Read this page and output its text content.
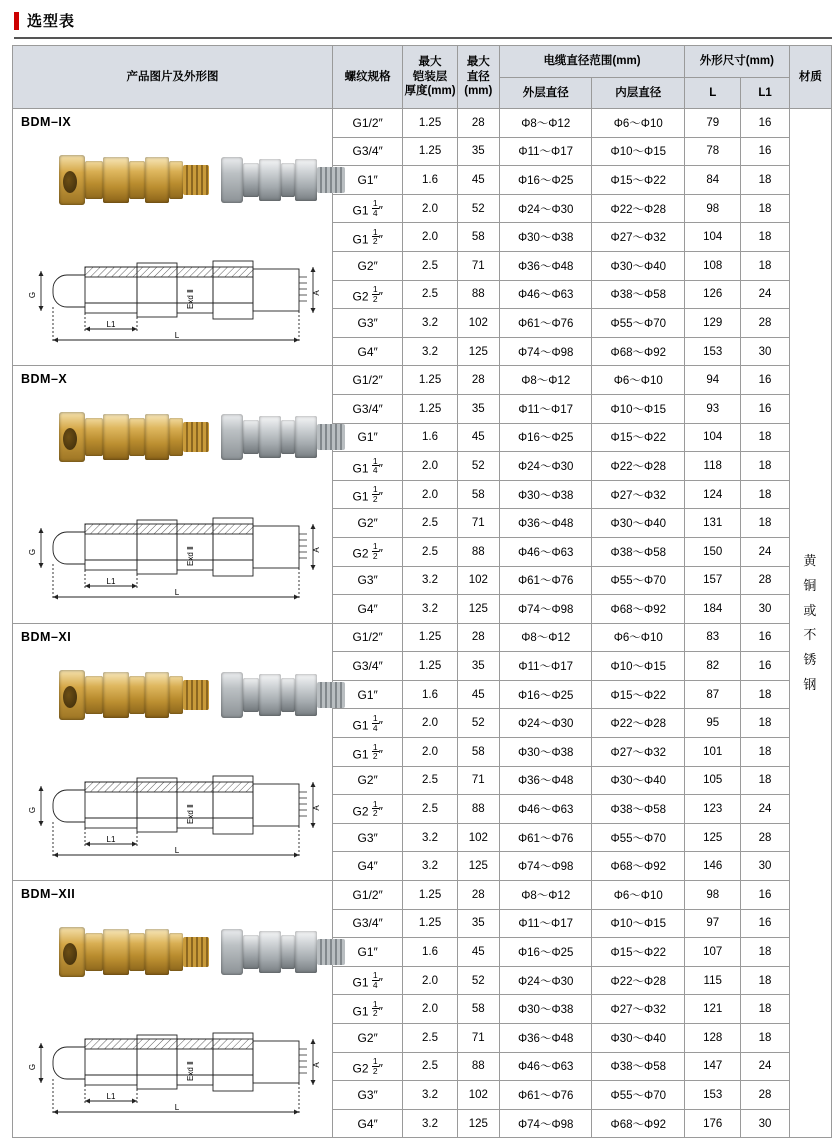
选型表
产品图片及外形图	螺纹规格	
最大
铠装层
厚度(mm)

最大
直径
(mm)
	电缆直径范围(mm)	外形尺寸(mm)	材质
				外层直径	内层直径	L	L1	

BDM–IX
G	A
Exd Ⅱ
L1
L
	G1/2″	1.25	28	Φ8～Φ12	Φ6～Φ10	79	16	
黄
铜
或
不
锈
钢

	G3/4″	1.25	35	Φ11～Φ17	Φ10～Φ15	78	16	
	G1″	1.6	45	Φ16～Φ25	Φ15～Φ22	84	18	
	$G1 \frac{1}{4}$ ″	2.0	52	Φ24～Φ30	Φ22～Φ28	98	18	
	$G1 \frac{1}{2}$ ″	2.0	58	Φ30～Φ38	Φ27～Φ32	104	18	
	G2″	2.5	71	Φ36～Φ48	Φ30～Φ40	108	18	
	$G2 \frac{1}{2}$ ″	2.5	88	Φ46～Φ63	Φ38～Φ58	126	24	
	G3″	3.2	102	Φ61～Φ76	Φ55～Φ70	129	28	
	G4″	3.2	125	Φ74～Φ98	Φ68～Φ92	153	30	

BDM–X
G	A
Exd Ⅱ
L1
L
	G1/2″	1.25	28	Φ8～Φ12	Φ6～Φ10	94	16
	G3/4″	1.25	35	Φ11～Φ17	Φ10～Φ15	93	16	
	G1″	1.6	45	Φ16～Φ25	Φ15～Φ22	104	18	
	$G1 \frac{1}{4}$ ″	2.0	52	Φ24～Φ30	Φ22～Φ28	118	18	
	$G1 \frac{1}{2}$ ″	2.0	58	Φ30～Φ38	Φ27～Φ32	124	18	
	G2″	2.5	71	Φ36～Φ48	Φ30～Φ40	131	18	
	$G2 \frac{1}{2}$ ″	2.5	88	Φ46～Φ63	Φ38～Φ58	150	24	
	G3″	3.2	102	Φ61～Φ76	Φ55～Φ70	157	28	
	G4″	3.2	125	Φ74～Φ98	Φ68～Φ92	184	30	

BDM–XI
G	A
Exd Ⅱ
L1
L
	G1/2″	1.25	28	Φ8～Φ12	Φ6～Φ10	83	16
	G3/4″	1.25	35	Φ11～Φ17	Φ10～Φ15	82	16	
	G1″	1.6	45	Φ16～Φ25	Φ15～Φ22	87	18	
	$G1 \frac{1}{4}$ ″	2.0	52	Φ24～Φ30	Φ22～Φ28	95	18	
	$G1 \frac{1}{2}$ ″	2.0	58	Φ30～Φ38	Φ27～Φ32	101	18	
	G2″	2.5	71	Φ36～Φ48	Φ30～Φ40	105	18	
	$G2 \frac{1}{2}$ ″	2.5	88	Φ46～Φ63	Φ38～Φ58	123	24	
	G3″	3.2	102	Φ61～Φ76	Φ55～Φ70	125	28	
	G4″	3.2	125	Φ74～Φ98	Φ68～Φ92	146	30	

BDM–XII
G	A
Exd Ⅱ
L1
L
	G1/2″	1.25	28	Φ8～Φ12	Φ6～Φ10	98	16
	G3/4″	1.25	35	Φ11～Φ17	Φ10～Φ15	97	16	
	G1″	1.6	45	Φ16～Φ25	Φ15～Φ22	107	18	
	$G1 \frac{1}{4}$ ″	2.0	52	Φ24～Φ30	Φ22～Φ28	115	18	
	$G1 \frac{1}{2}$ ″	2.0	58	Φ30～Φ38	Φ27～Φ32	121	18	
	G2″	2.5	71	Φ36～Φ48	Φ30～Φ40	128	18	
	$G2 \frac{1}{2}$ ″	2.5	88	Φ46～Φ63	Φ38～Φ58	147	24	
	G3″	3.2	102	Φ61～Φ76	Φ55～Φ70	153	28	
	G4″	3.2	125	Φ74～Φ98	Φ68～Φ92	176	30	
